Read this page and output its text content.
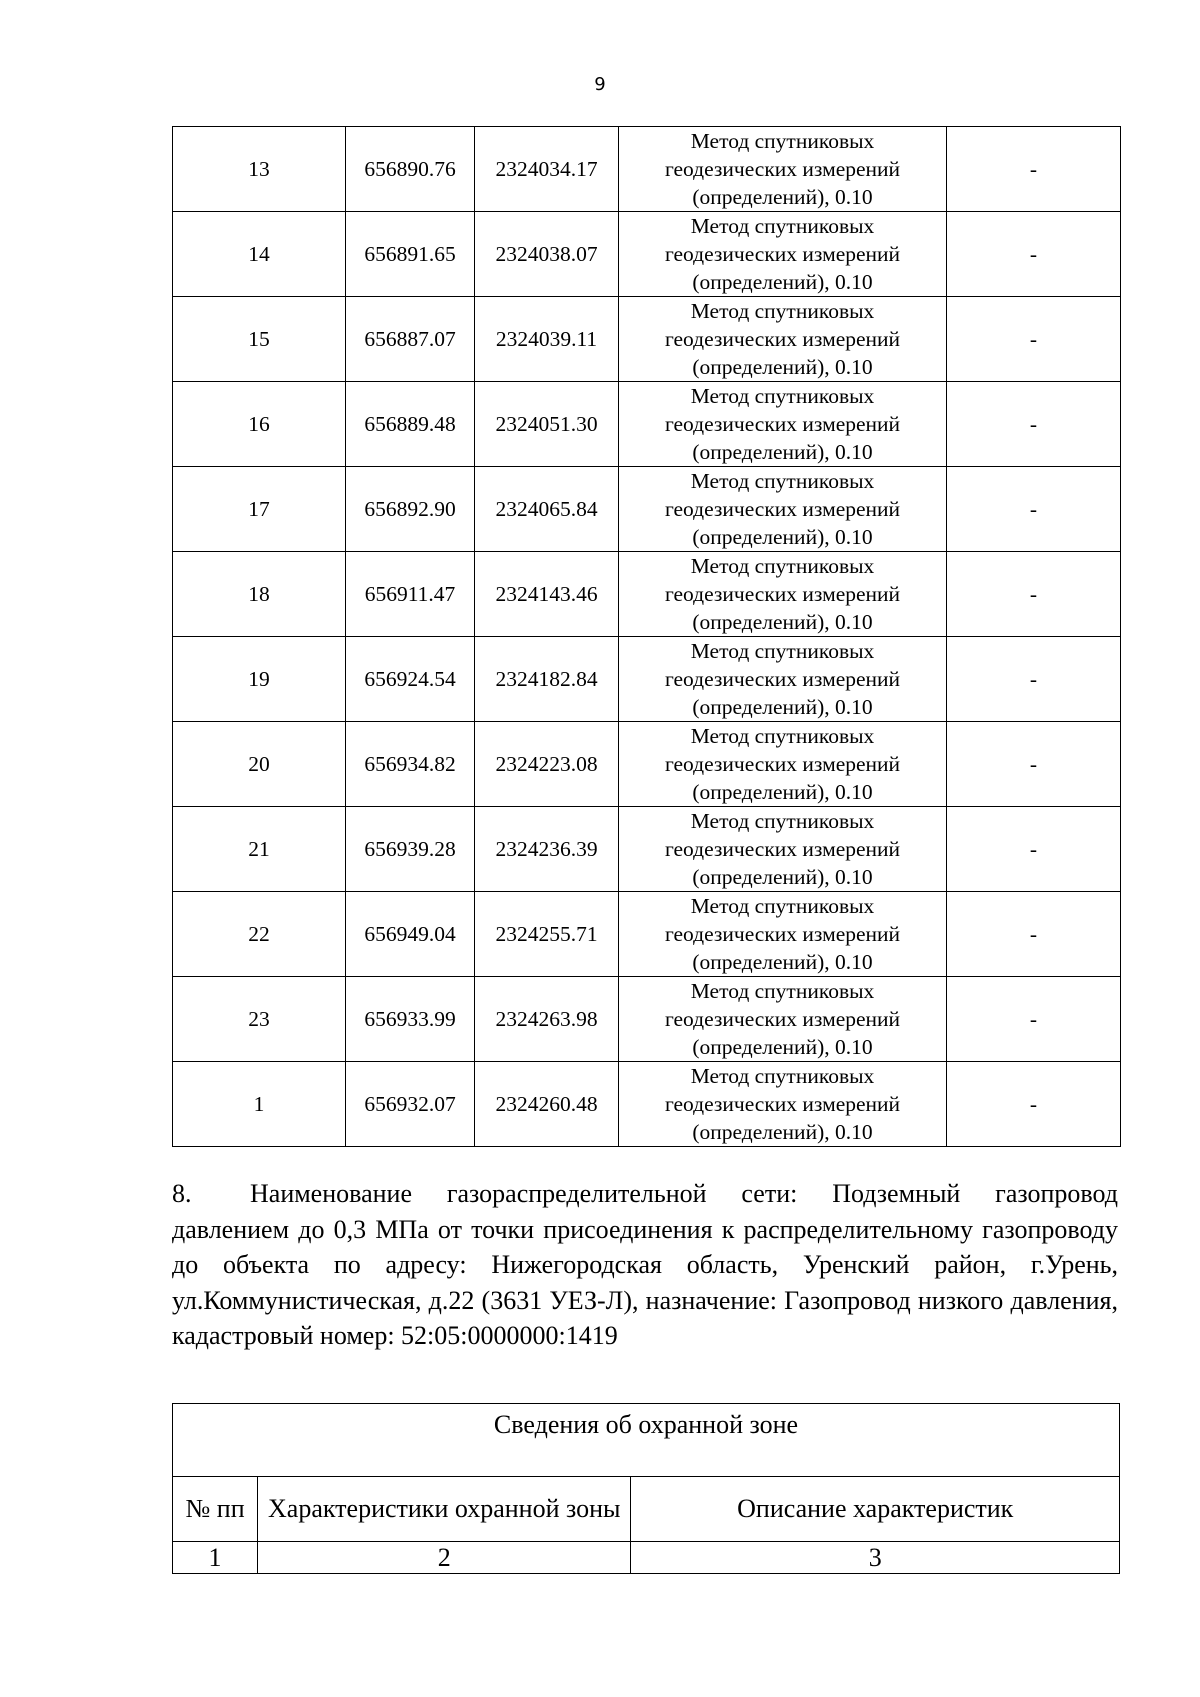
9
13	656890.76	2324034.17	Метод спутниковых
геодезических измерений
(определений), 0.10	-
14	656891.65	2324038.07	Метод спутниковых
геодезических измерений
(определений), 0.10	-
15	656887.07	2324039.11	Метод спутниковых
геодезических измерений
(определений), 0.10	-
16	656889.48	2324051.30	Метод спутниковых
геодезических измерений
(определений), 0.10	-
17	656892.90	2324065.84	Метод спутниковых
геодезических измерений
(определений), 0.10	-
18	656911.47	2324143.46	Метод спутниковых
геодезических измерений
(определений), 0.10	-
19	656924.54	2324182.84	Метод спутниковых
геодезических измерений
(определений), 0.10	-
20	656934.82	2324223.08	Метод спутниковых
геодезических измерений
(определений), 0.10	-
21	656939.28	2324236.39	Метод спутниковых
геодезических измерений
(определений), 0.10	-
22	656949.04	2324255.71	Метод спутниковых
геодезических измерений
(определений), 0.10	-
23	656933.99	2324263.98	Метод спутниковых
геодезических измерений
(определений), 0.10	-
1	656932.07	2324260.48	Метод спутниковых
геодезических измерений
(определений), 0.10	-

8. Наименование газораспределительной сети: Подземный газопровод давлением до 0,3 МПа от точки присоединения к распределительному газопроводу до объекта по адресу: Нижегородская область, Уренский район, г.Урень, ул.Коммунистическая, д.22 (3631 УЕЗ-Л), назначение: Газопровод низкого давления, кадастровый номер: 52:05:0000000:1419

Сведения об охранной зоне		
№ пп	Характеристики охранной зоны	Описание характеристик
1	2	3
